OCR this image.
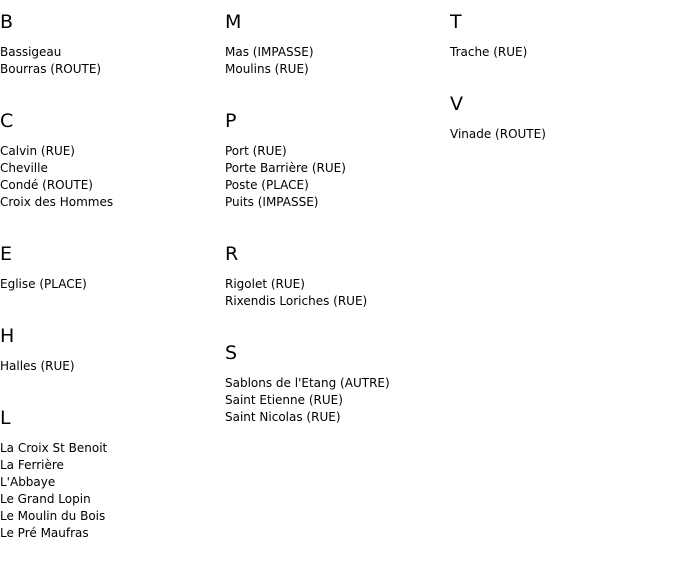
B
Bassigeau
Bourras (ROUTE)
C
Calvin (RUE)
Cheville
Condé (ROUTE)
Croix des Hommes
E
Eglise (PLACE)
H
Halles (RUE)
L
La Croix St Benoit
La Ferrière
L'Abbaye
Le Grand Lopin
Le Moulin du Bois
Le Pré Maufras
M
Mas (IMPASSE)
Moulins (RUE)
P
Port (RUE)
Porte Barrière (RUE)
Poste (PLACE)
Puits (IMPASSE)
R
Rigolet (RUE)
Rixendis Loriches (RUE)
S
Sablons de l'Etang (AUTRE)
Saint Etienne (RUE)
Saint Nicolas (RUE)
T
Trache (RUE)
V
Vinade (ROUTE)
